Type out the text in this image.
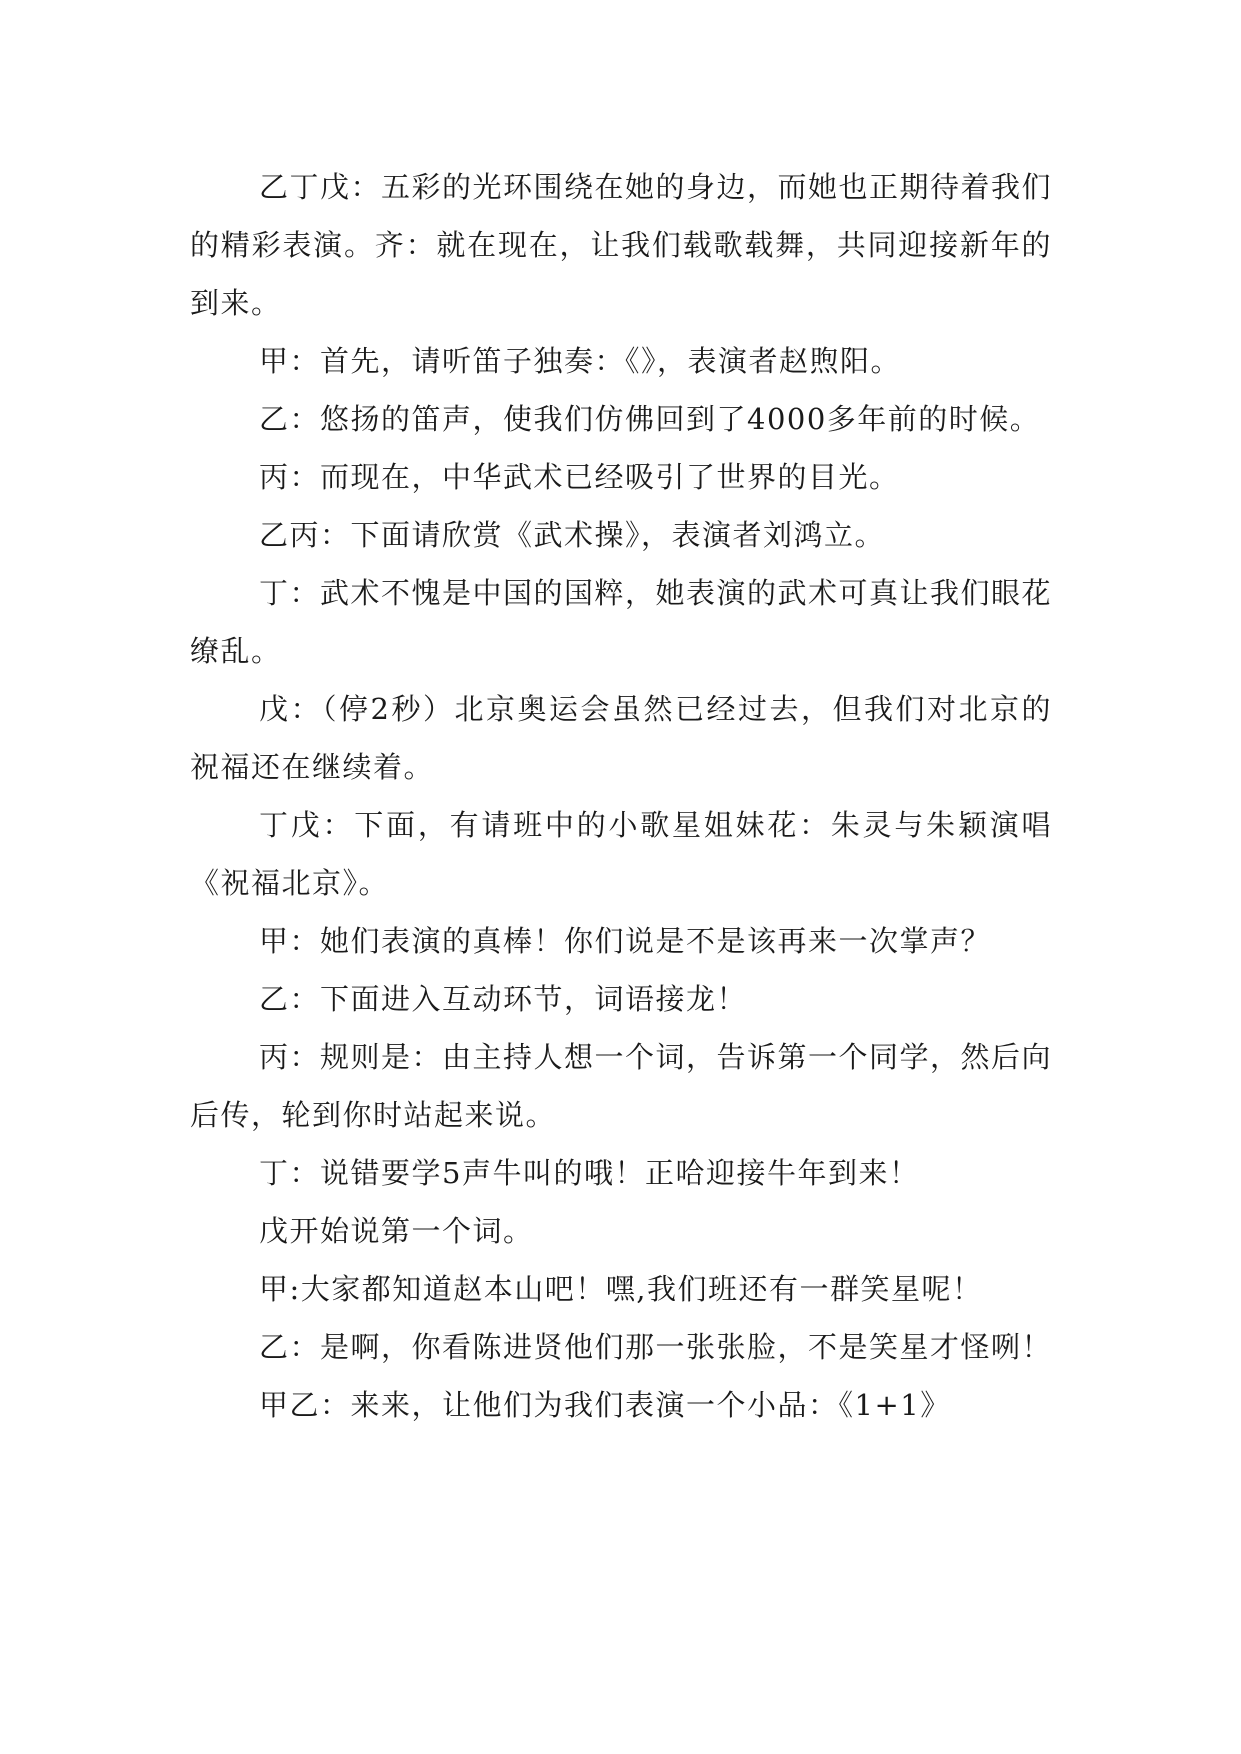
乙丁戊：五彩的光环围绕在她的身边，而她也正期待着我们的精彩表演。齐：就在现在，让我们载歌载舞，共同迎接新年的到来。

甲：首先，请听笛子独奏：《》，表演者赵煦阳。

乙：悠扬的笛声，使我们仿佛回到了4000多年前的时候。

丙：而现在，中华武术已经吸引了世界的目光。

乙丙：下面请欣赏《武术操》，表演者刘鸿立。

丁：武术不愧是中国的国粹，她表演的武术可真让我们眼花缭乱。

戊：（停2秒）北京奥运会虽然已经过去，但我们对北京的祝福还在继续着。

丁戊：下面，有请班中的小歌星姐妹花：朱灵与朱颖演唱《祝福北京》。

甲：她们表演的真棒！你们说是不是该再来一次掌声？

乙：下面进入互动环节，词语接龙！

丙：规则是：由主持人想一个词，告诉第一个同学，然后向后传，轮到你时站起来说。

丁：说错要学5声牛叫的哦！正哈迎接牛年到来！

戊开始说第一个词。

甲:大家都知道赵本山吧！嘿,我们班还有一群笑星呢！

乙：是啊，你看陈进贤他们那一张张脸，不是笑星才怪咧！

甲乙：来来，让他们为我们表演一个小品：《1+1》
